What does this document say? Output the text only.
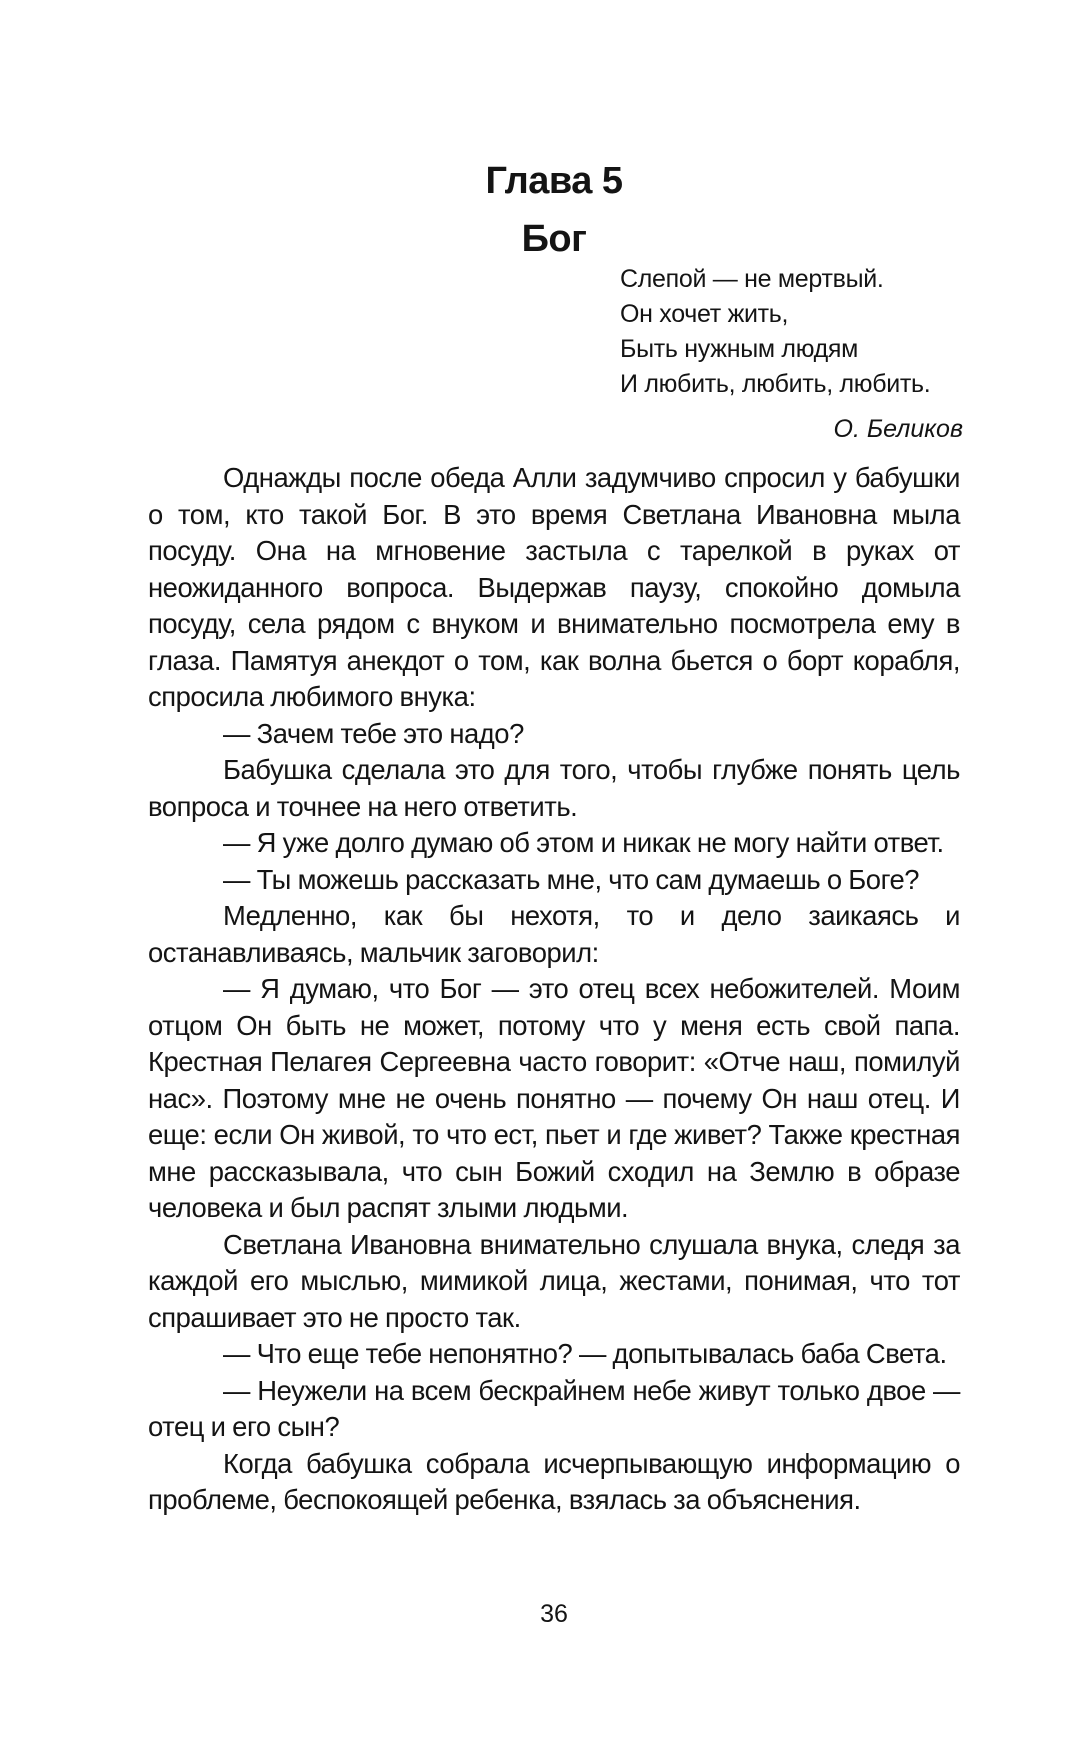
Глава 5
Бог
Слепой — не мертвый.
Он хочет жить,
Быть нужным людям
И любить, любить, любить.
О. Беликов

Однажды после обеда Алли задумчиво спросил у бабушки о том, кто такой Бог. В это время Светлана Ивановна мыла посуду. Она на мгновение застыла с тарелкой в руках от неожиданного вопроса. Выдержав паузу, спокойно домыла посуду, села рядом с внуком и внимательно посмотрела ему в глаза. Памятуя анекдот о том, как волна бьется о борт корабля, спросила любимого внука:

— Зачем тебе это надо?

Бабушка сделала это для того, чтобы глубже понять цель вопроса и точнее на него ответить.

— Я уже долго думаю об этом и никак не могу найти ответ.

— Ты можешь рассказать мне, что сам думаешь о Боге?

Медленно, как бы нехотя, то и дело заикаясь и останавливаясь, мальчик заговорил:

— Я думаю, что Бог — это отец всех небожителей. Моим отцом Он быть не может, потому что у меня есть свой папа. Крестная Пелагея Сергеевна часто говорит: «Отче наш, помилуй нас». Поэтому мне не очень понятно — почему Он наш отец. И еще: если Он живой, то что ест, пьет и где живет? Также крестная мне рассказывала, что сын Божий сходил на Землю в образе человека и был распят злыми людьми.

Светлана Ивановна внимательно слушала внука, следя за каждой его мыслью, мимикой лица, жестами, понимая, что тот спрашивает это не просто так.

— Что еще тебе непонятно? — допытывалась баба Света.

— Неужели на всем бескрайнем небе живут только двое — отец и его сын?

Когда бабушка собрала исчерпывающую информацию о проблеме, беспокоящей ребенка, взялась за объяснения.

36
